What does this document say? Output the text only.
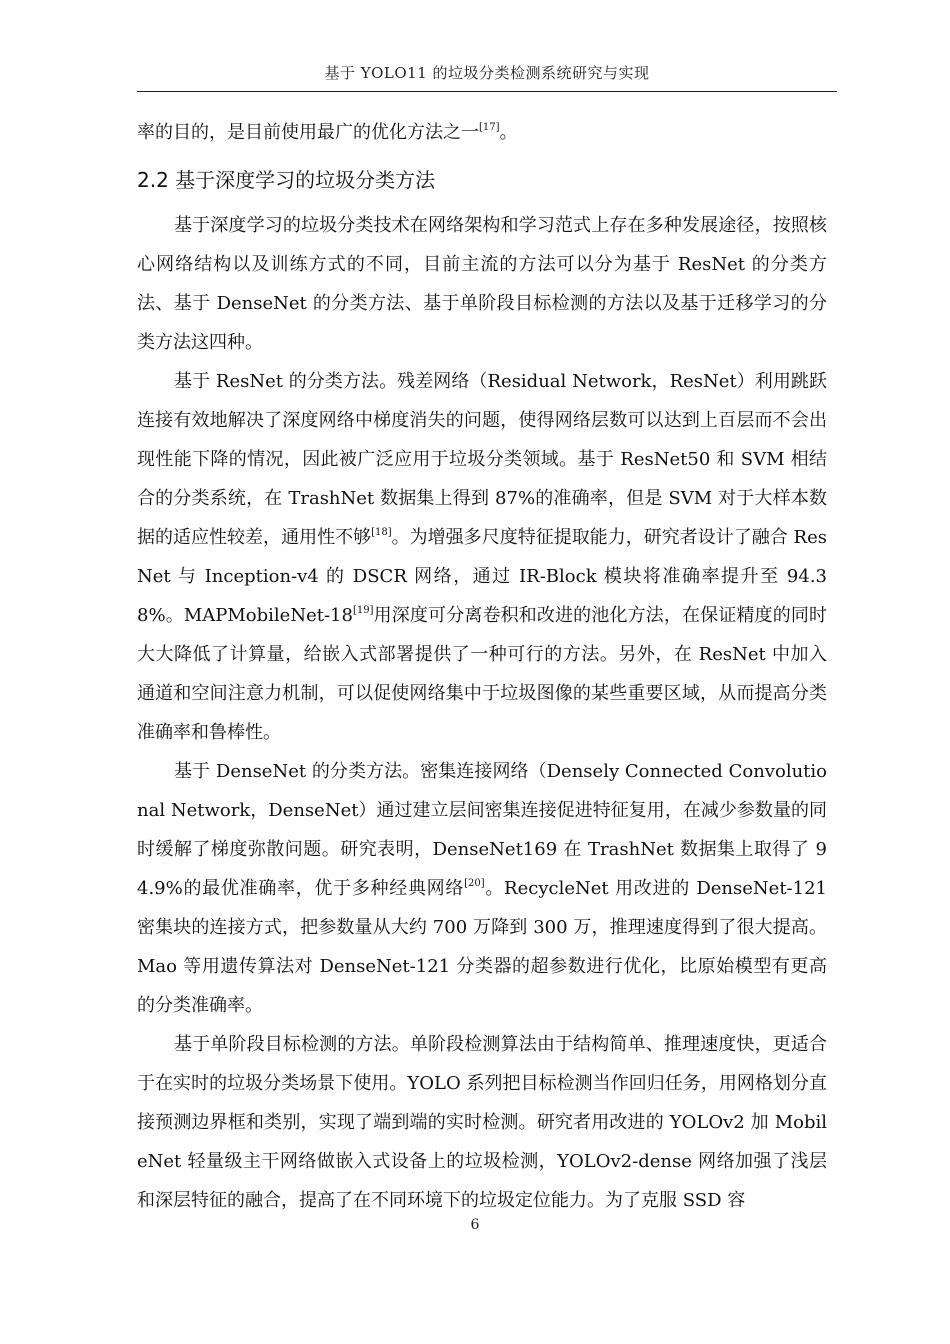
基于 YOLO11 的垃圾分类检测系统研究与实现

率的目的，是目前使用最广的优化方法之一[17]。

2.2 基于深度学习的垃圾分类方法

基于深度学习的垃圾分类技术在网络架构和学习范式上存在多种发展途径，按照核心网络结构以及训练方式的不同，目前主流的方法可以分为基于 ResNet 的分类方法、基于 DenseNet 的分类方法、基于单阶段目标检测的方法以及基于迁移学习的分类方法这四种。

基于 ResNet 的分类方法。残差网络（Residual Network，ResNet）利用跳跃连接有效地解决了深度网络中梯度消失的问题，使得网络层数可以达到上百层而不会出现性能下降的情况，因此被广泛应用于垃圾分类领域。基于 ResNet50 和 SVM 相结合的分类系统，在 TrashNet 数据集上得到 87%的准确率，但是 SVM 对于大样本数据的适应性较差，通用性不够[18]。为增强多尺度特征提取能力，研究者设计了融合 ResNet 与 Inception-v4 的 DSCR 网络，通过 IR-Block 模块将准确率提升至 94.38%。MAPMobileNet-18[19]用深度可分离卷积和改进的池化方法，在保证精度的同时大大降低了计算量，给嵌入式部署提供了一种可行的方法。另外，在 ResNet 中加入通道和空间注意力机制，可以促使网络集中于垃圾图像的某些重要区域，从而提高分类准确率和鲁棒性。

基于 DenseNet 的分类方法。密集连接网络（Densely Connected Convolutional Network，DenseNet）通过建立层间密集连接促进特征复用，在减少参数量的同时缓解了梯度弥散问题。研究表明，DenseNet169 在 TrashNet 数据集上取得了 94.9%的最优准确率，优于多种经典网络[20]。RecycleNet 用改进的 DenseNet-121 密集块的连接方式，把参数量从大约 700 万降到 300 万，推理速度得到了很大提高。Mao 等用遗传算法对 DenseNet-121 分类器的超参数进行优化，比原始模型有更高的分类准确率。

基于单阶段目标检测的方法。单阶段检测算法由于结构简单、推理速度快，更适合于在实时的垃圾分类场景下使用。YOLO 系列把目标检测当作回归任务，用网格划分直接预测边界框和类别，实现了端到端的实时检测。研究者用改进的 YOLOv2 加 MobileNet 轻量级主干网络做嵌入式设备上的垃圾检测，YOLOv2-dense 网络加强了浅层和深层特征的融合，提高了在不同环境下的垃圾定位能力。为了克服 SSD 容

6
